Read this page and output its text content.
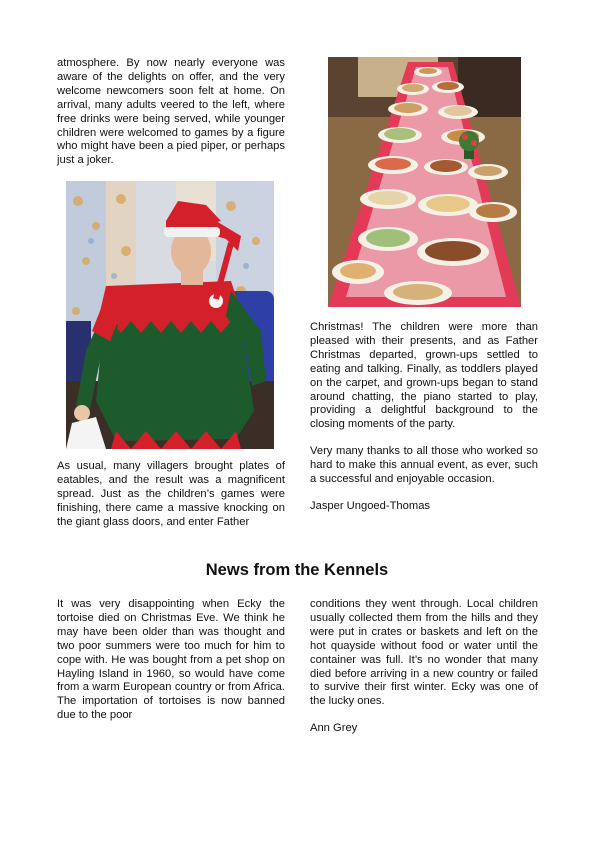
atmosphere. By now nearly everyone was aware of the delights on offer, and the very welcome newcomers soon felt at home. On arrival, many adults veered to the left, where free drinks were being served, while younger children were welcomed to games by a figure who might have been a pied piper, or perhaps just a joker.

As usual, many villagers brought plates of eatables, and the result was a magnificent spread. Just as the children’s games were finishing, there came a massive knocking on the giant glass doors, and enter Father

Christmas! The children were more than pleased with their presents, and as Father Christmas departed, grown-ups settled to eating and talking. Finally, as toddlers played on the carpet, and grown-ups began to stand around chatting, the piano started to play, providing a delightful background to the closing moments of the party.

Very many thanks to all those who worked so hard to make this annual event, as ever, such a successful and enjoyable occasion.

Jasper Ungoed-Thomas

News from the Kennels

It was very disappointing when Ecky the tortoise died on Christmas Eve. We think he may have been older than was thought and two poor summers were too much for him to cope with. He was bought from a pet shop on Hayling Island in 1960, so would have come from a warm European country or from Africa. The importation of tortoises is now banned due to the poor

conditions they went through. Local children usually collected them from the hills and they were put in crates or baskets and left on the hot quayside without food or water until the container was full. It’s no wonder that many died before arriving in a new country or failed to survive their first winter. Ecky was one of the lucky ones.

Ann Grey
